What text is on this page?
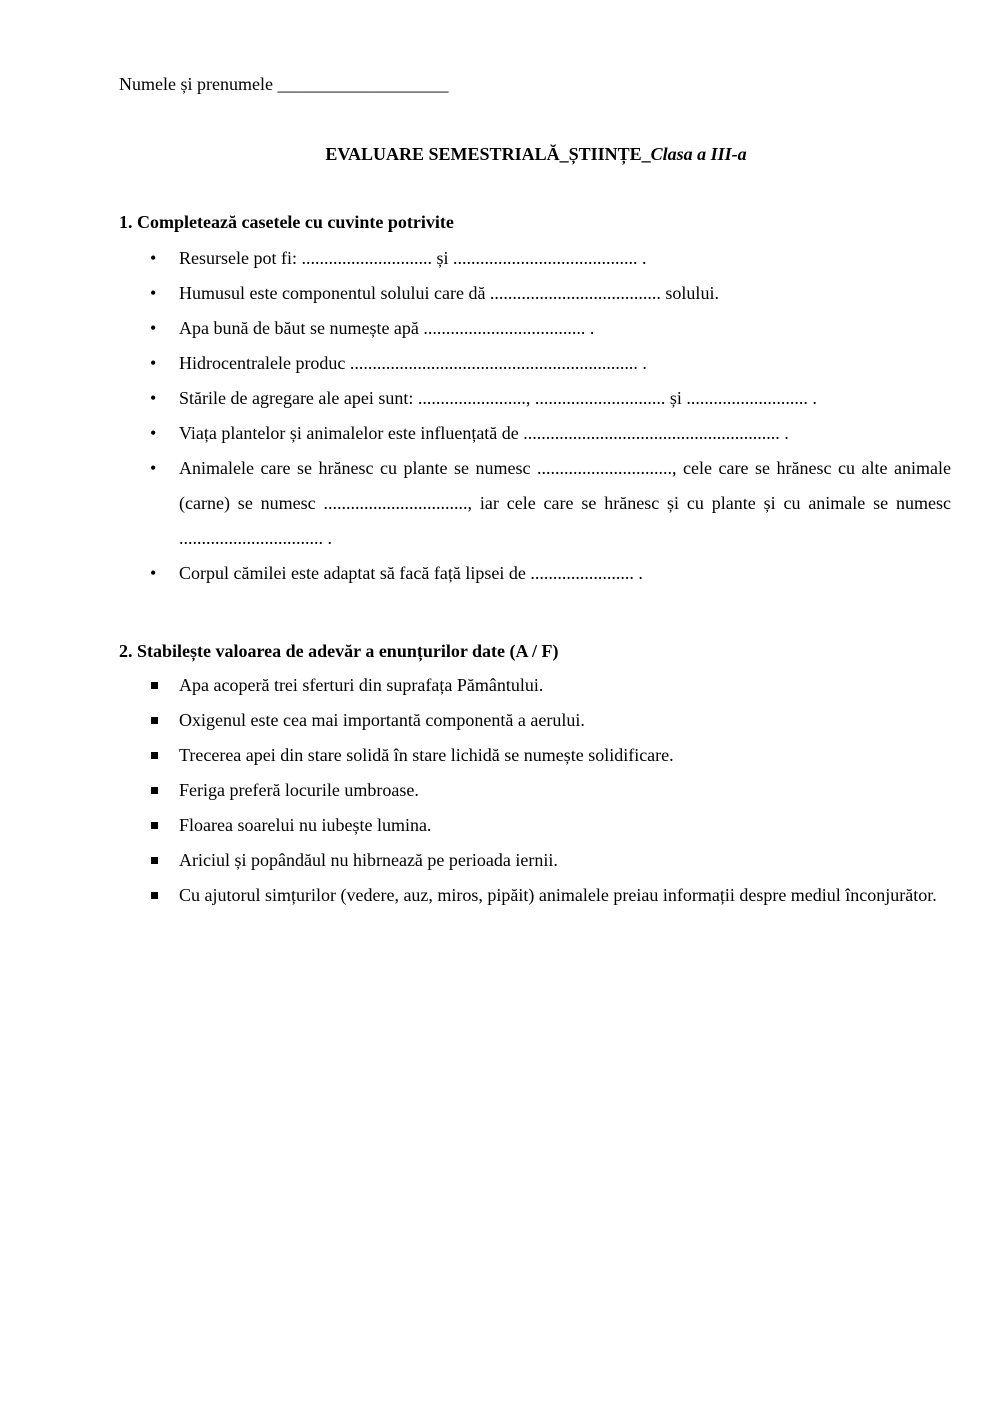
Numele și prenumele ___________________
EVALUARE SEMESTRIALĂ_ȘTIINȚE_Clasa a III-a
1. Completează casetele cu cuvinte potrivite
• Resursele pot fi: ............................. și ......................................... .
• Humusul este componentul solului care dă ...................................... solului.
• Apa bună de băut se numește apă .................................... .
• Hidrocentralele produc ................................................................ .
• Stările de agregare ale apei sunt: ........................, ............................. și ........................... .
• Viața plantelor și animalelor este influențată de ......................................................... .
• Animalele care se hrănesc cu plante se numesc .............................., cele care se hrănesc cu alte animale (carne) se numesc ................................, iar cele care se hrănesc și cu plante și cu animale se numesc ................................ .
• Corpul cămilei este adaptat să facă față lipsei de ....................... .
2. Stabilește valoarea de adevăr a enunțurilor date (A / F)
Apa acoperă trei sferturi din suprafața Pământului.
Oxigenul este cea mai importantă componentă a aerului.
Trecerea apei din stare solidă în stare lichidă se numește solidificare.
Feriga preferă locurile umbroase.
Floarea soarelui nu iubește lumina.
Ariciul și popândăul nu hibrnează pe perioada iernii.
Cu ajutorul simțurilor (vedere, auz, miros, pipăit) animalele preiau informații despre mediul înconjurător.
